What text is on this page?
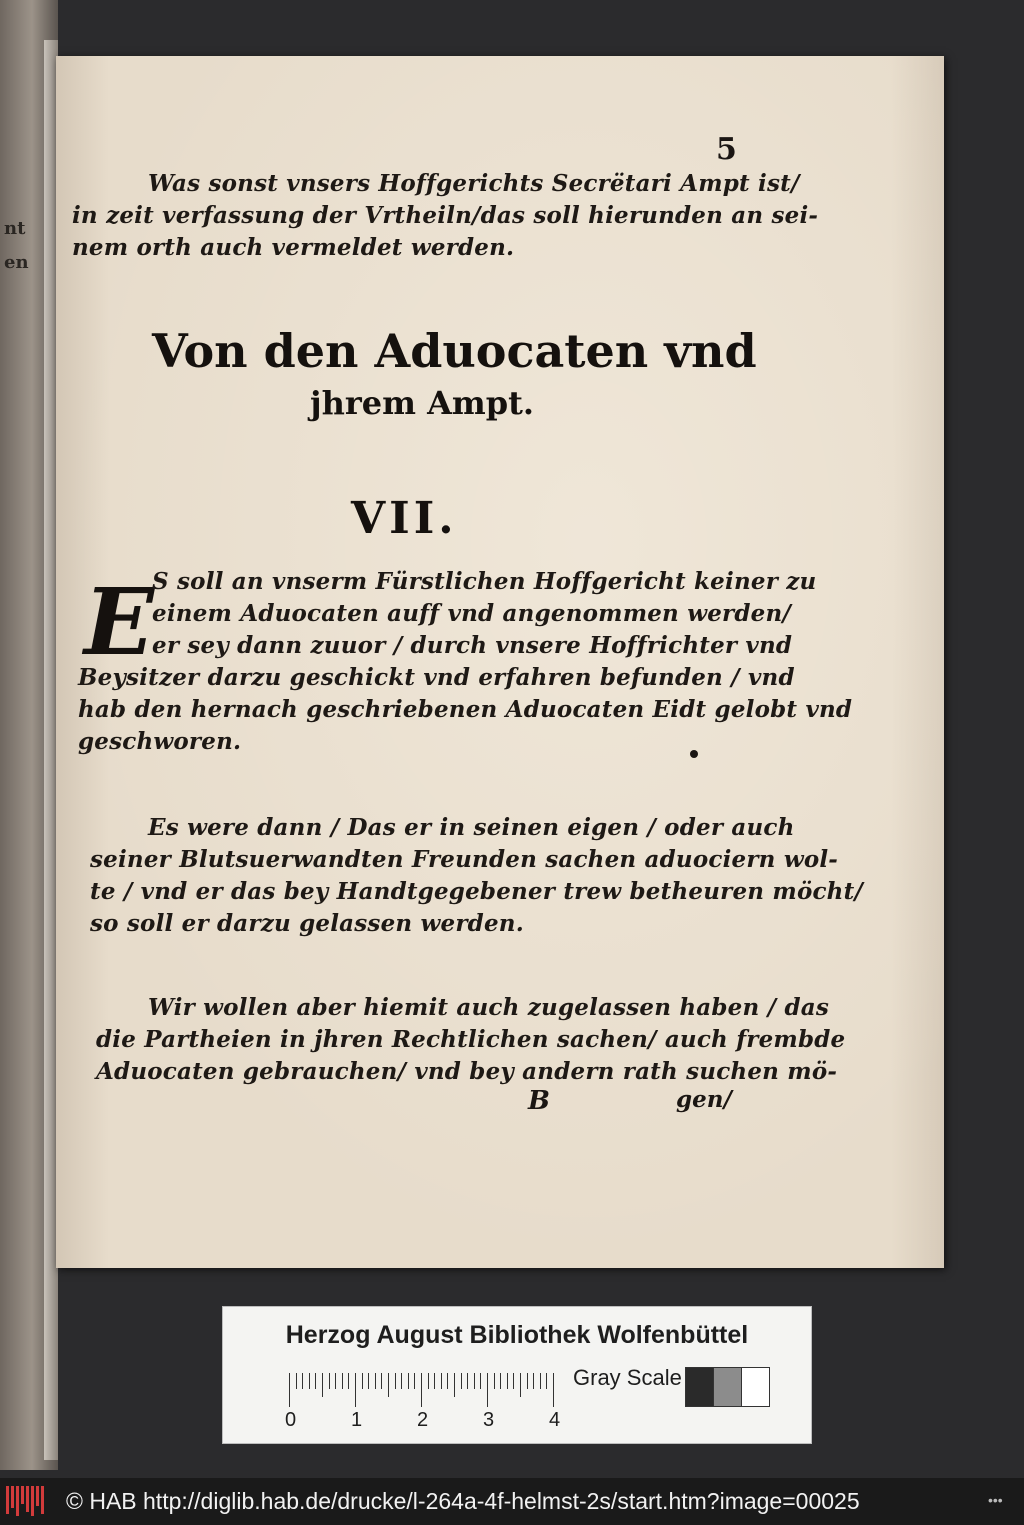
nt
en
5
Was sonst vnsers Hoffgerichts Secrëtari Ampt ist/
in zeit verfassung der Vrtheiln/das soll hierunden an sei-
nem orth auch vermeldet werden.
Von den Aduocaten vnd
jhrem Ampt.
VII.
E
S soll an vnserm Fürstlichen Hoffgericht keiner zu
einem Aduocaten auff vnd angenommen werden/
er sey dann zuuor / durch vnsere Hoffrichter vnd
Beysitzer darzu geschickt vnd erfahren befunden / vnd
hab den hernach geschriebenen Aduocaten Eidt gelobt vnd
geschworen.
Es were dann / Das er in seinen eigen / oder auch
seiner Blutsuerwandten Freunden sachen aduociern wol-
te / vnd er das bey Handtgegebener trew betheuren möcht/
so soll er darzu gelassen werden.
Wir wollen aber hiemit auch zugelassen haben / das
die Partheien in jhren Rechtlichen sachen/ auch frembde
Aduocaten gebrauchen/ vnd bey andern rath suchen mö-
B	gen/
Herzog August Bibliothek Wolfenbüttel
0	1	2	3	4
Gray Scale
© HAB http://diglib.hab.de/drucke/l-264a-4f-helmst-2s/start.htm?image=00025	•••
